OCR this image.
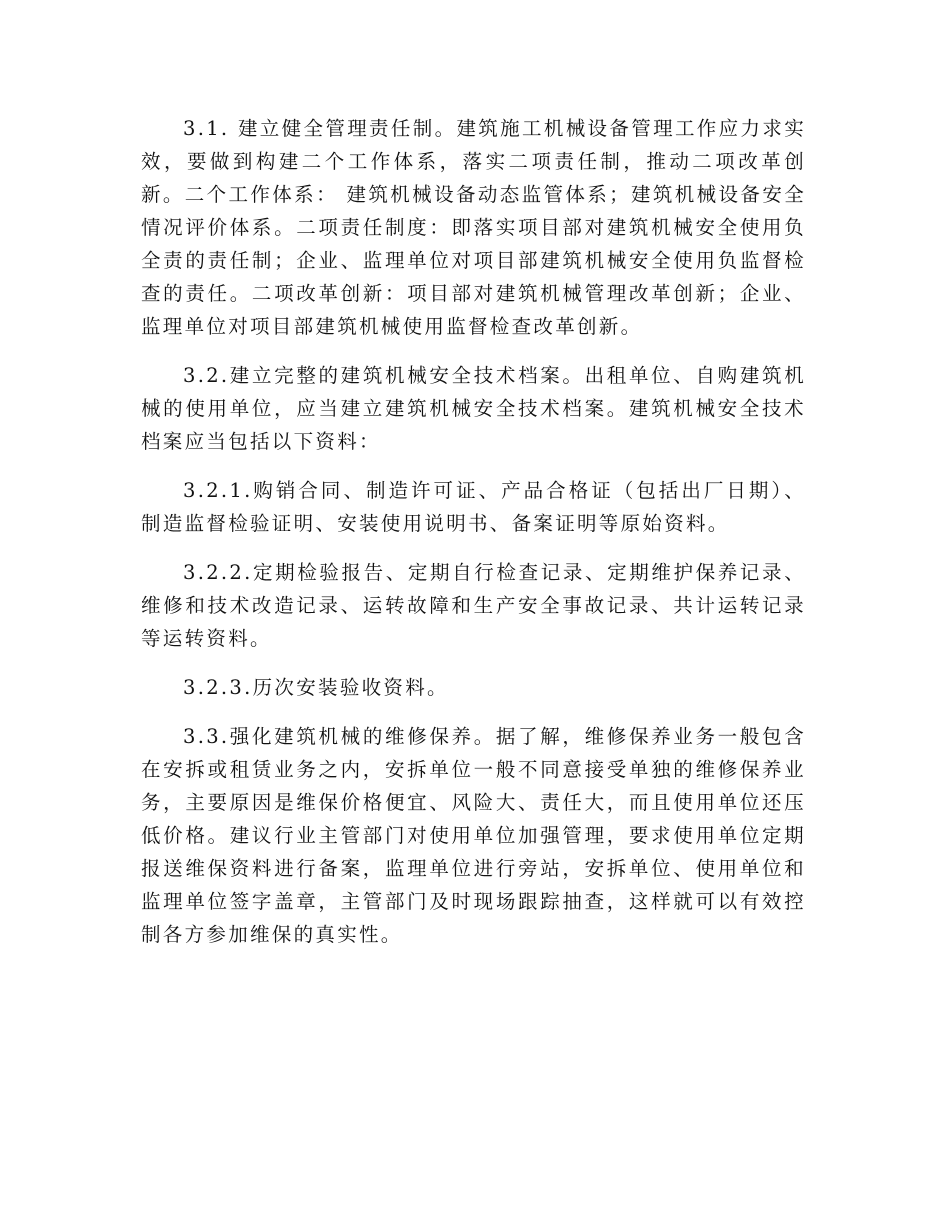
3.1. 建立健全管理责任制。建筑施工机械设备管理工作应力求实效，要做到构建二个工作体系，落实二项责任制，推动二项改革创新。二个工作体系： 建筑机械设备动态监管体系；建筑机械设备安全情况评价体系。二项责任制度：即落实项目部对建筑机械安全使用负全责的责任制；企业、监理单位对项目部建筑机械安全使用负监督检查的责任。二项改革创新：项目部对建筑机械管理改革创新；企业、监理单位对项目部建筑机械使用监督检查改革创新。

3.2.建立完整的建筑机械安全技术档案。出租单位、自购建筑机械的使用单位，应当建立建筑机械安全技术档案。建筑机械安全技术档案应当包括以下资料：

3.2.1.购销合同、制造许可证、产品合格证（包括出厂日期）、制造监督检验证明、安装使用说明书、备案证明等原始资料。

3.2.2.定期检验报告、定期自行检查记录、定期维护保养记录、维修和技术改造记录、运转故障和生产安全事故记录、共计运转记录等运转资料。

3.2.3.历次安装验收资料。

3.3.强化建筑机械的维修保养。据了解，维修保养业务一般包含在安拆或租赁业务之内，安拆单位一般不同意接受单独的维修保养业务，主要原因是维保价格便宜、风险大、责任大，而且使用单位还压低价格。建议行业主管部门对使用单位加强管理，要求使用单位定期报送维保资料进行备案，监理单位进行旁站，安拆单位、使用单位和监理单位签字盖章，主管部门及时现场跟踪抽查，这样就可以有效控制各方参加维保的真实性。
